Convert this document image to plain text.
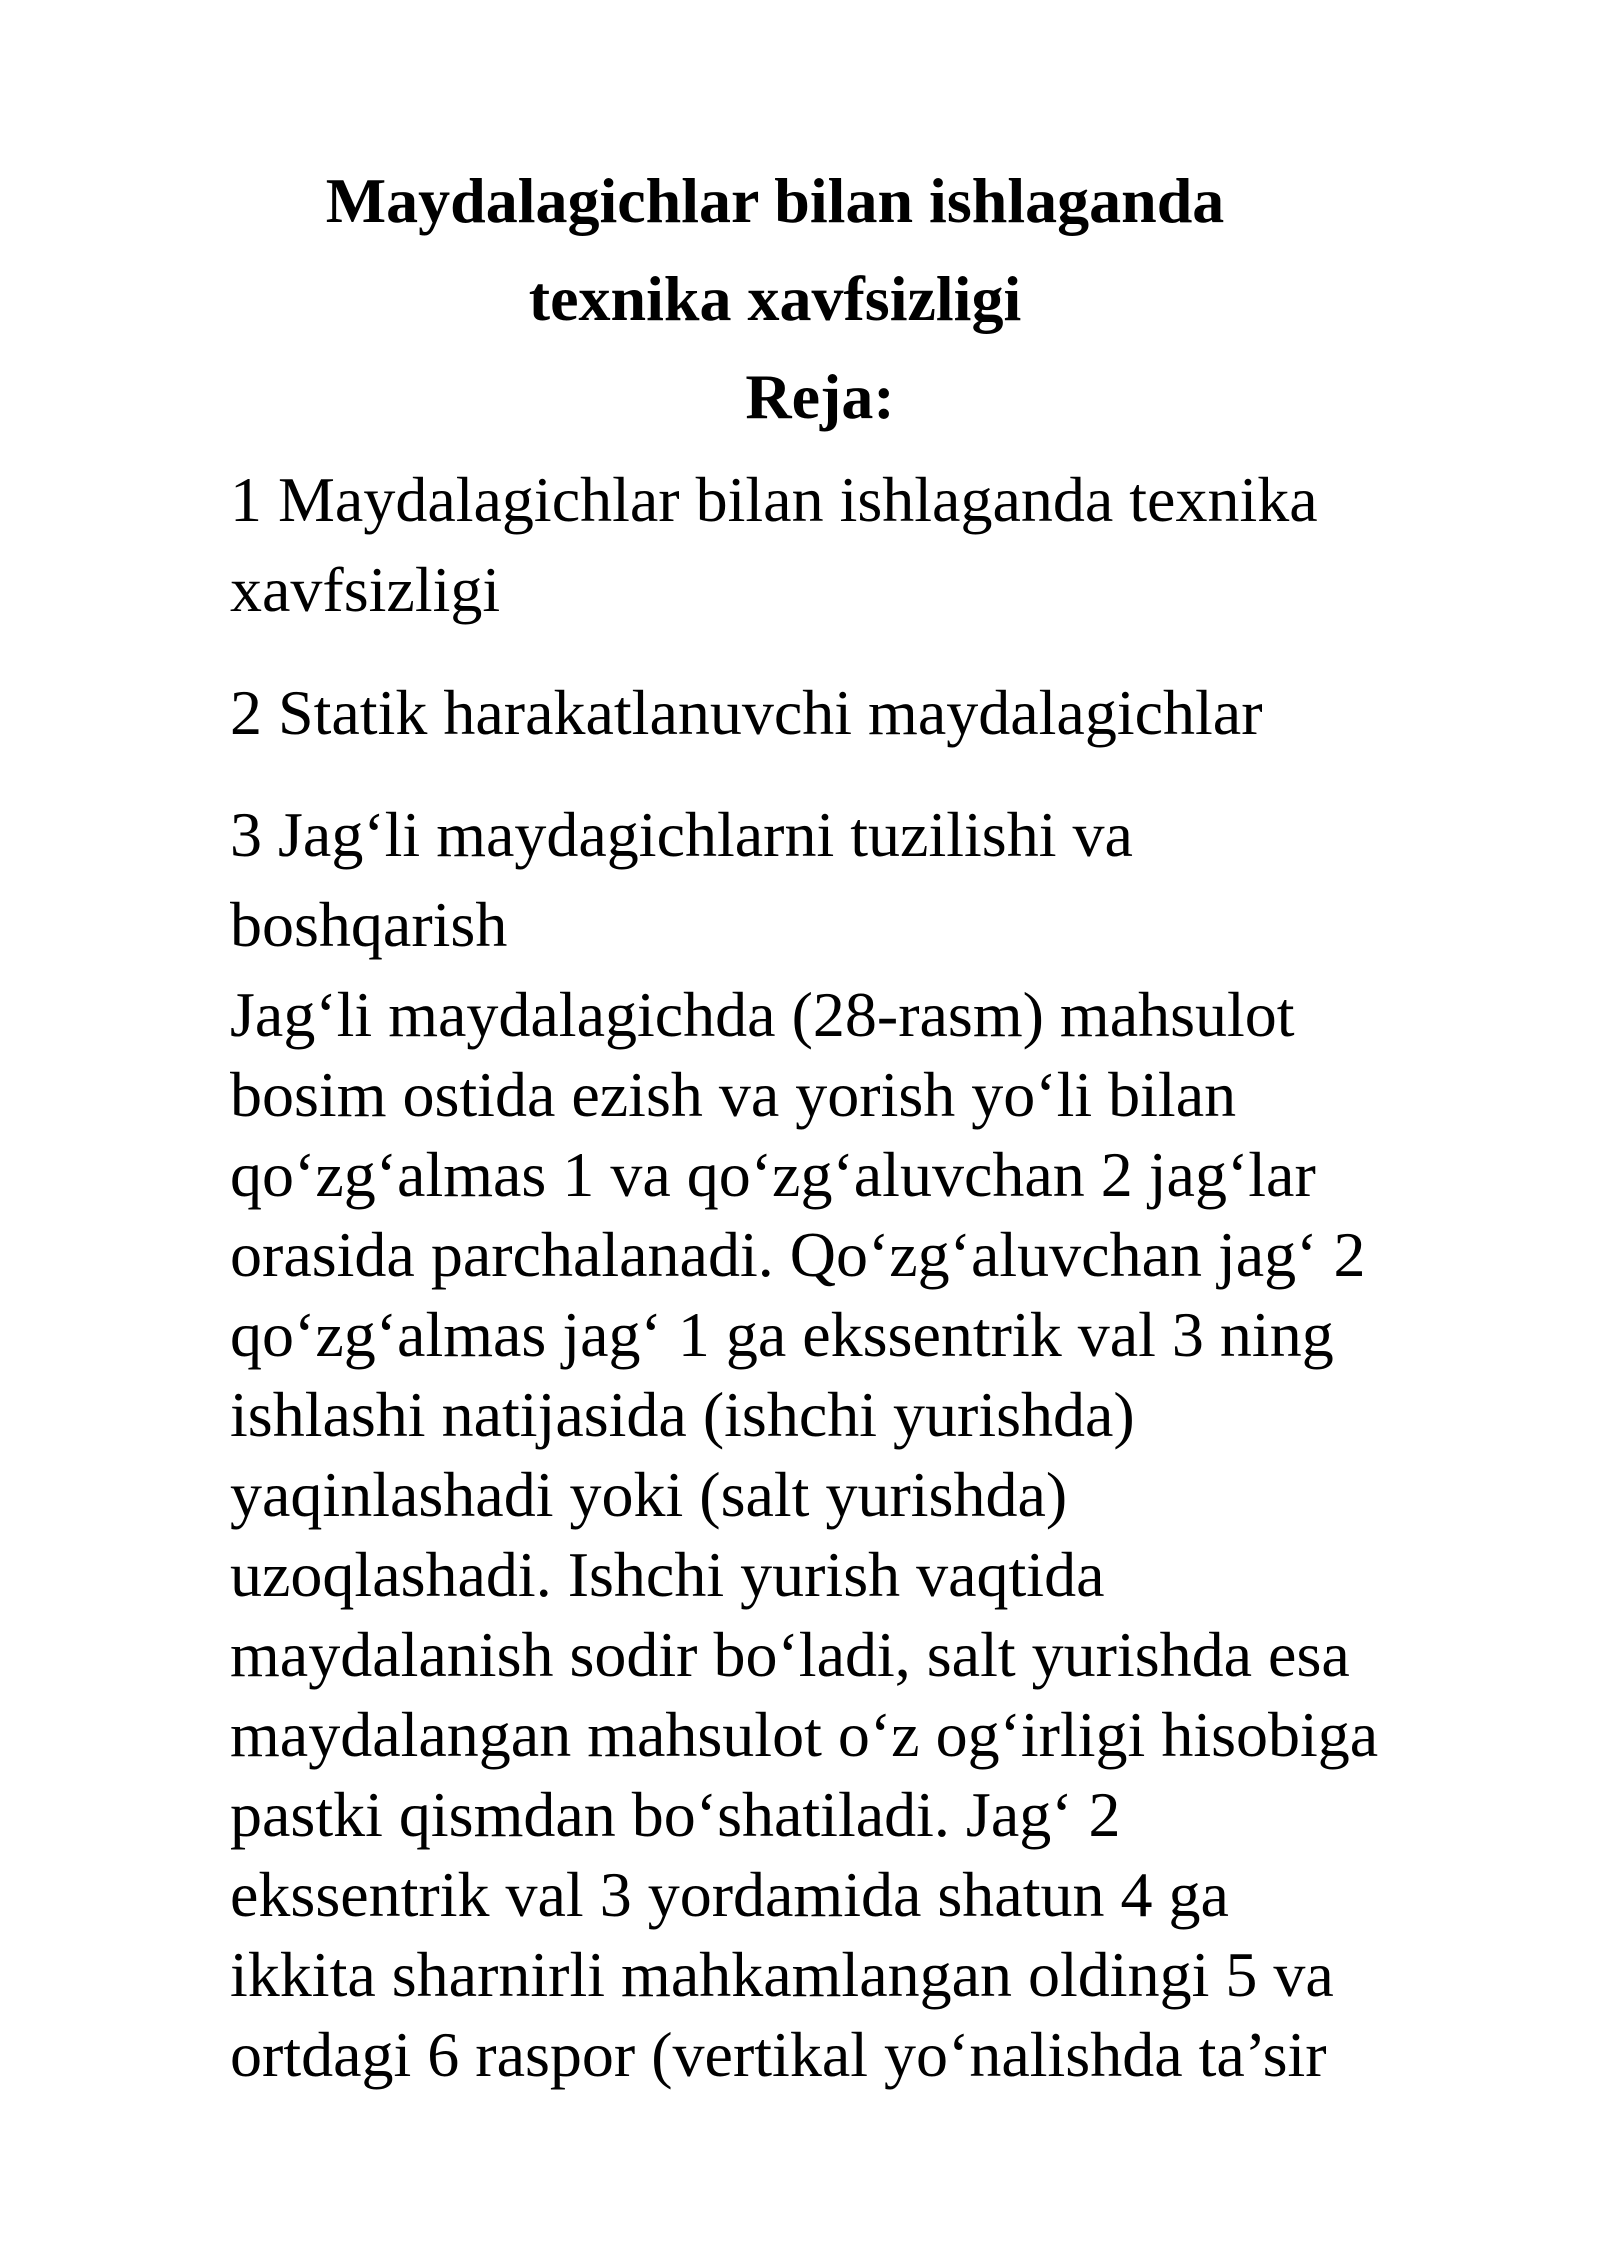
Maydalagichlar bilan ishlaganda
texnika xavfsizligi
Reja:
1 Maydalagichlar bilan ishlaganda texnika
xavfsizligi
2 Statik harakatlanuvchi maydalagichlar
3 Jag‘li maydagichlarni tuzilishi va
boshqarish
Jag‘li maydalagichda (28-rasm) mahsulot
bosim ostida ezish va yorish yo‘li bilan
qo‘zg‘almas 1 va qo‘zg‘aluvchan 2 jag‘lar
orasida parchalanadi. Qo‘zg‘aluvchan jag‘ 2
qo‘zg‘almas jag‘ 1 ga ekssentrik val 3 ning
ishlashi natijasida (ishchi yurishda)
yaqinlashadi yoki (salt yurishda)
uzoqlashadi. Ishchi yurish vaqtida
maydalanish sodir bo‘ladi, salt yurishda esa
maydalangan mahsulot o‘z og‘irligi hisobiga
pastki qismdan bo‘shatiladi. Jag‘ 2
ekssentrik val 3 yordamida shatun 4 ga
ikkita sharnirli mahkamlangan oldingi 5 va
ortdagi 6 raspor (vertikal yo‘nalishda ta’sir
